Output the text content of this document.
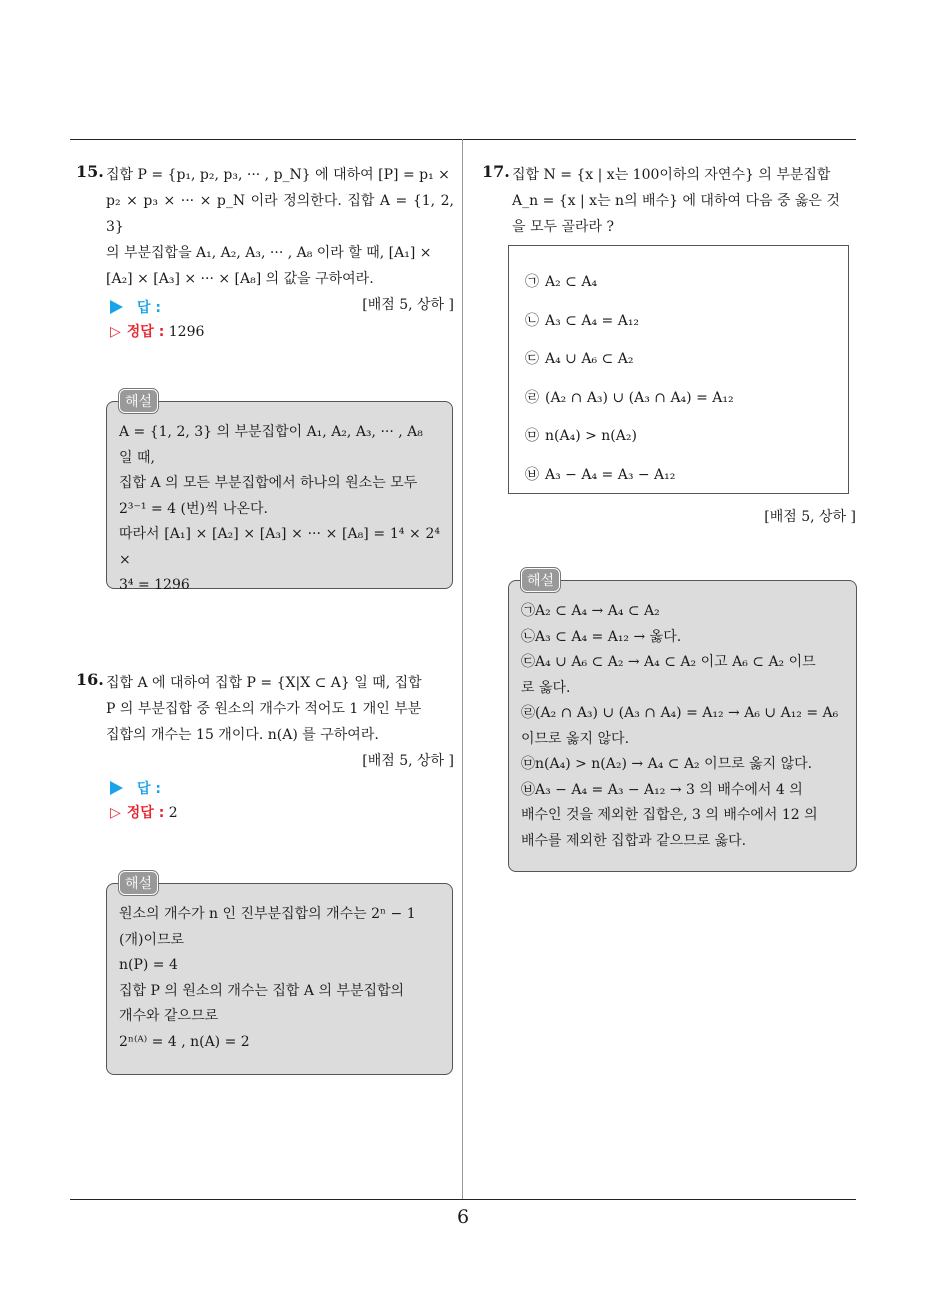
6
15. 집합 P = {p₁, p₂, p₃, ··· , p_N} 에 대하여 [P] = p₁ ×
p₂ × p₃ × ··· × p_N 이라 정의한다. 집합 A = {1, 2, 3}
의 부분집합을 A₁, A₂, A₃, ··· , A₈ 이라 할 때, [A₁] ×
[A₂] × [A₃] × ··· × [A₈] 의 값을 구하여라.
[배점 5, 상하 ]
답 :
▷ 정답 : 1296
해설
A = {1, 2, 3} 의 부분집합이 A₁, A₂, A₃, ··· , A₈
일 때,
집합 A 의 모든 부분집합에서 하나의 원소는 모두
2³⁻¹ = 4 (번)씩 나온다.
따라서 [A₁] × [A₂] × [A₃] × ··· × [A₈] = 1⁴ × 2⁴ ×
3⁴ = 1296
16. 집합 A 에 대하여 집합 P = {X|X ⊂ A} 일 때, 집합
P 의 부분집합 중 원소의 개수가 적어도 1 개인 부분
집합의 개수는 15 개이다. n(A) 를 구하여라.
[배점 5, 상하 ]
답 :
▷ 정답 : 2
해설
원소의 개수가 n 인 진부분집합의 개수는 2ⁿ − 1
(개)이므로
n(P) = 4
집합 P 의 원소의 개수는 집합 A 의 부분집합의
개수와 같으므로
2ⁿ⁽ᴬ⁾ = 4 , n(A) = 2
17. 집합 N = {x | x는 100이하의 자연수} 의 부분집합
A_n = {x | x는 n의 배수} 에 대하여 다음 중 옳은 것
을 모두 골라라 ?
㉠ A₂ ⊂ A₄
㉡ A₃ ⊂ A₄ = A₁₂
㉢ A₄ ∪ A₆ ⊂ A₂
㉣ (A₂ ∩ A₃) ∪ (A₃ ∩ A₄) = A₁₂
㉤ n(A₄) > n(A₂)
㉥ A₃ − A₄ = A₃ − A₁₂
[배점 5, 상하 ]
해설
㉠A₂ ⊂ A₄ → A₄ ⊂ A₂
㉡A₃ ⊂ A₄ = A₁₂ → 옳다.
㉢A₄ ∪ A₆ ⊂ A₂ → A₄ ⊂ A₂ 이고 A₆ ⊂ A₂ 이므
로 옳다.
㉣(A₂ ∩ A₃) ∪ (A₃ ∩ A₄) = A₁₂ → A₆ ∪ A₁₂ = A₆
이므로 옳지 않다.
㉤n(A₄) > n(A₂) → A₄ ⊂ A₂ 이므로 옳지 않다.
㉥A₃ − A₄ = A₃ − A₁₂ → 3 의 배수에서 4 의
배수인 것을 제외한 집합은, 3 의 배수에서 12 의
배수를 제외한 집합과 같으므로 옳다.
